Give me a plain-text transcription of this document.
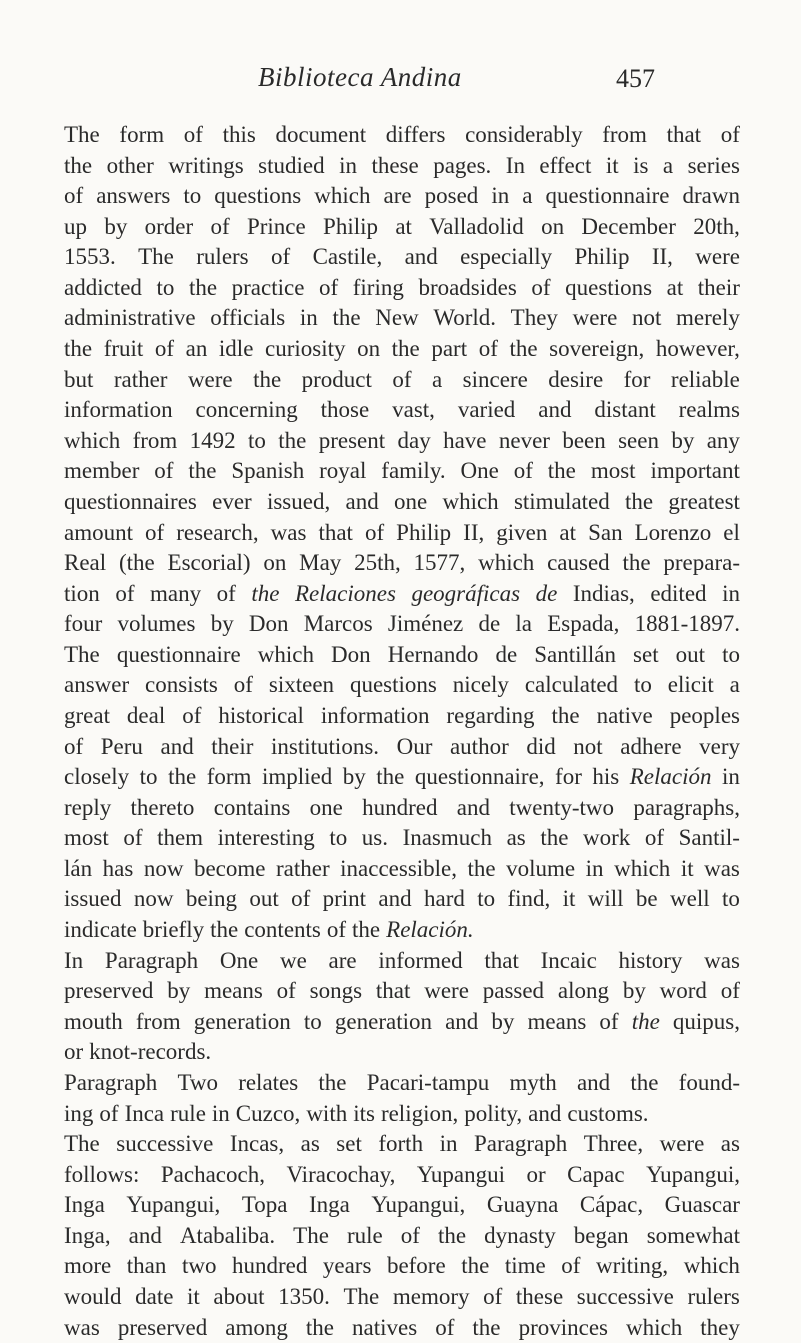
Biblioteca Andina	457
The form of this document differs considerably from that of
the other writings studied in these pages. In effect it is a series
of answers to questions which are posed in a questionnaire drawn
up by order of Prince Philip at Valladolid on December 20th,
1553. The rulers of Castile, and especially Philip II, were
addicted to the practice of firing broadsides of questions at their
administrative officials in the New World. They were not merely
the fruit of an idle curiosity on the part of the sovereign, however,
but rather were the product of a sincere desire for reliable
information concerning those vast, varied and distant realms
which from 1492 to the present day have never been seen by any
member of the Spanish royal family. One of the most important
questionnaires ever issued, and one which stimulated the greatest
amount of research, was that of Philip II, given at San Lorenzo el
Real (the Escorial) on May 25th, 1577, which caused the prepara-
tion of many of the Relaciones geográficas de Indias, edited in
four volumes by Don Marcos Jiménez de la Espada, 1881-1897.
The questionnaire which Don Hernando de Santillán set out to
answer consists of sixteen questions nicely calculated to elicit a
great deal of historical information regarding the native peoples
of Peru and their institutions. Our author did not adhere very
closely to the form implied by the questionnaire, for his Relación in
reply thereto contains one hundred and twenty-two paragraphs,
most of them interesting to us. Inasmuch as the work of Santil-
lán has now become rather inaccessible, the volume in which it was
issued now being out of print and hard to find, it will be well to
indicate briefly the contents of the Relación.
In Paragraph One we are informed that Incaic history was
preserved by means of songs that were passed along by word of
mouth from generation to generation and by means of the quipus,
or knot-records.
Paragraph Two relates the Pacari-tampu myth and the found-
ing of Inca rule in Cuzco, with its religion, polity, and customs.
The successive Incas, as set forth in Paragraph Three, were as
follows: Pachacoch, Viracochay, Yupangui or Capac Yupangui,
Inga Yupangui, Topa Inga Yupangui, Guayna Cápac, Guascar
Inga, and Atabaliba. The rule of the dynasty began somewhat
more than two hundred years before the time of writing, which
would date it about 1350. The memory of these successive rulers
was preserved among the natives of the provinces which they
